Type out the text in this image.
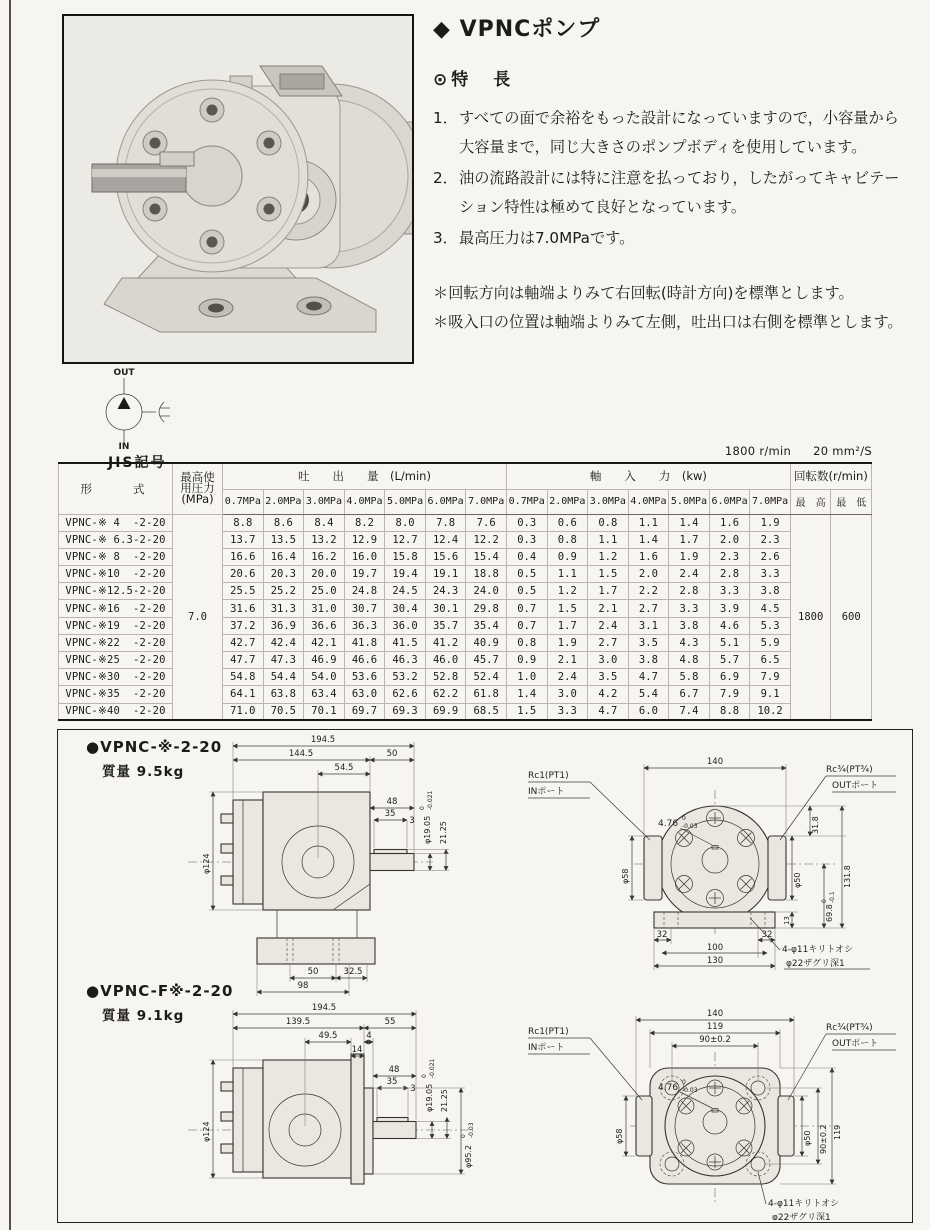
◆ VPNCポンプ
⊙特　長
1． すべての面で余裕をもった設計になっていますので，小容量から大容量まで，同じ大きさのポンプボディを使用しています。
2． 油の流路設計には特に注意を払っており，したがってキャビテーション特性は極めて良好となっています。
3． 最高圧力は7.0MPaです。
＊回転方向は軸端よりみて右回転(時計方向)を標準とします。
＊吸入口の位置は軸端よりみて左側，吐出口は右側を標準とします。
OUT
IN
JIS記号
1800 r/min 20 mm²/S
形　　式	最高使
用圧力
(MPa)	吐　　出　　量　(L/min)							軸　　入　　力　(kw)							回転数(r/min)	
		0.7MPa	2.0MPa	3.0MPa	4.0MPa	5.0MPa	6.0MPa	7.0MPa	0.7MPa	2.0MPa	3.0MPa	4.0MPa	5.0MPa	6.0MPa	7.0MPa	最　高	最　低
VPNC-※ 4  -2-20	7.0	8.8	8.6	8.4	8.2	8.0	7.8	7.6	0.3	0.6	0.8	1.1	1.4	1.6	1.9	1800	600
VPNC-※ 6.3-2-20		13.7	13.5	13.2	12.9	12.7	12.4	12.2	0.3	0.8	1.1	1.4	1.7	2.0	2.3		
VPNC-※ 8  -2-20		16.6	16.4	16.2	16.0	15.8	15.6	15.4	0.4	0.9	1.2	1.6	1.9	2.3	2.6		
VPNC-※10  -2-20		20.6	20.3	20.0	19.7	19.4	19.1	18.8	0.5	1.1	1.5	2.0	2.4	2.8	3.3		
VPNC-※12.5-2-20		25.5	25.2	25.0	24.8	24.5	24.3	24.0	0.5	1.2	1.7	2.2	2.8	3.3	3.8		
VPNC-※16  -2-20		31.6	31.3	31.0	30.7	30.4	30.1	29.8	0.7	1.5	2.1	2.7	3.3	3.9	4.5		
VPNC-※19  -2-20		37.2	36.9	36.6	36.3	36.0	35.7	35.4	0.7	1.7	2.4	3.1	3.8	4.6	5.3		
VPNC-※22  -2-20		42.7	42.4	42.1	41.8	41.5	41.2	40.9	0.8	1.9	2.7	3.5	4.3	5.1	5.9		
VPNC-※25  -2-20		47.7	47.3	46.9	46.6	46.3	46.0	45.7	0.9	2.1	3.0	3.8	4.8	5.7	6.5		
VPNC-※30  -2-20		54.8	54.4	54.0	53.6	53.2	52.8	52.4	1.0	2.4	3.5	4.7	5.8	6.9	7.9		
VPNC-※35  -2-20		64.1	63.8	63.4	63.0	62.6	62.2	61.8	1.4	3.0	4.2	5.4	6.7	7.9	9.1		
VPNC-※40  -2-20		71.0	70.5	70.1	69.7	69.3	69.9	68.5	1.5	3.3	4.7	6.0	7.4	8.8	10.2		
●VPNC-※-2-20
質量 9.5kg
●VPNC-F※-2-20
質量 9.1kg
194.5
144.5	50
54.5
48
35
3 φ19.05
0 -0.021
21.25
φ124
50	32.5
98
140
φ58	φ50
13
31.8
69.8
0 -0.1
131.8
32	32
100
130
4.76
0
-0.03
Rc1(PT1)
INポート
Rc¾(PT¾)
OUTポート
4-φ11キリトオシ
φ22ザグリ深1
194.5
139.5	55
49.5	4
14
48
35
3 φ19.05
0 -0.021
21.25
φ95.2
0 -0.03
φ124
140
119
90±0.2
φ58	φ50 90±0.2 119
4.76
0
-0.03
Rc1(PT1)
INポート
Rc¾(PT¾)
OUTポート
4-φ11キリトオシ
φ22ザグリ深1
